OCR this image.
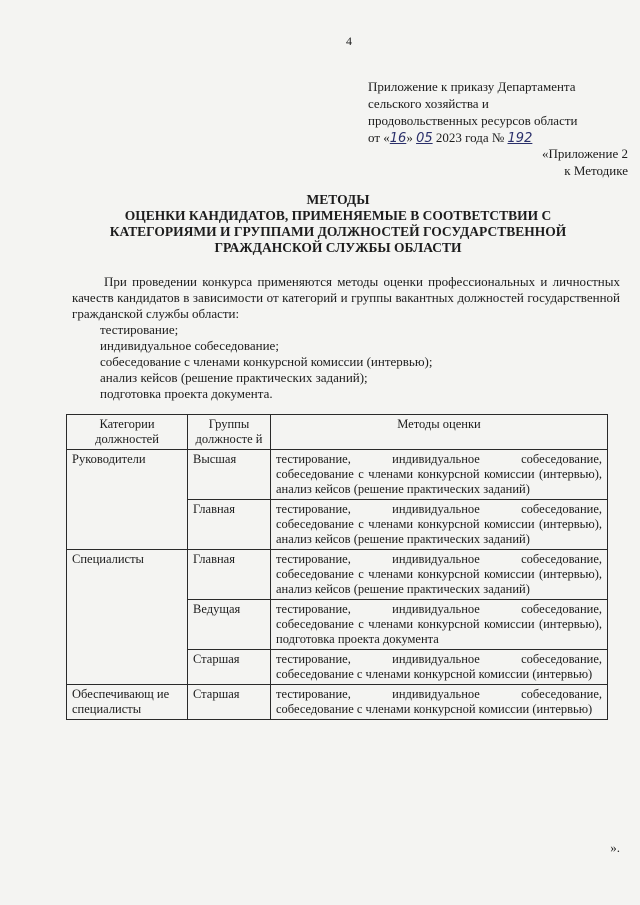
4
Приложение к приказу Департамента
сельского хозяйства и
продовольственных ресурсов области
от «16» 05 2023 года № 192
«Приложение 2
к Методике
МЕТОДЫ
ОЦЕНКИ КАНДИДАТОВ, ПРИМЕНЯЕМЫЕ В СООТВЕТСТВИИ С
КАТЕГОРИЯМИ И ГРУППАМИ ДОЛЖНОСТЕЙ ГОСУДАРСТВЕННОЙ
ГРАЖДАНСКОЙ СЛУЖБЫ ОБЛАСТИ

При проведении конкурса применяются методы оценки профессиональных и личностных качеств кандидатов в зависимости от категорий и группы вакантных должностей государственной гражданской службы области:

тестирование;
индивидуальное собеседование;
собеседование с членами конкурсной комиссии (интервью);
анализ кейсов (решение практических заданий);
подготовка проекта документа.
Категории должностей	Группы должносте й	Методы оценки
Руководители	Высшая	тестирование, индивидуальное собеседование, собеседование с членами конкурсной комиссии (интервью), анализ кейсов (решение практических заданий)
	Главная	тестирование, индивидуальное собеседование, собеседование с членами конкурсной комиссии (интервью), анализ кейсов (решение практических заданий)
Специалисты	Главная	тестирование, индивидуальное собеседование, собеседование с членами конкурсной комиссии (интервью), анализ кейсов (решение практических заданий)
	Ведущая	тестирование, индивидуальное собеседование, собеседование с членами конкурсной комиссии (интервью), подготовка проекта документа
	Старшая	тестирование, индивидуальное собеседование, собеседование с членами конкурсной комиссии (интервью)
Обеспечивающ ие специалисты	Старшая	тестирование, индивидуальное собеседование, собеседование с членами конкурсной комиссии (интервью)
».
